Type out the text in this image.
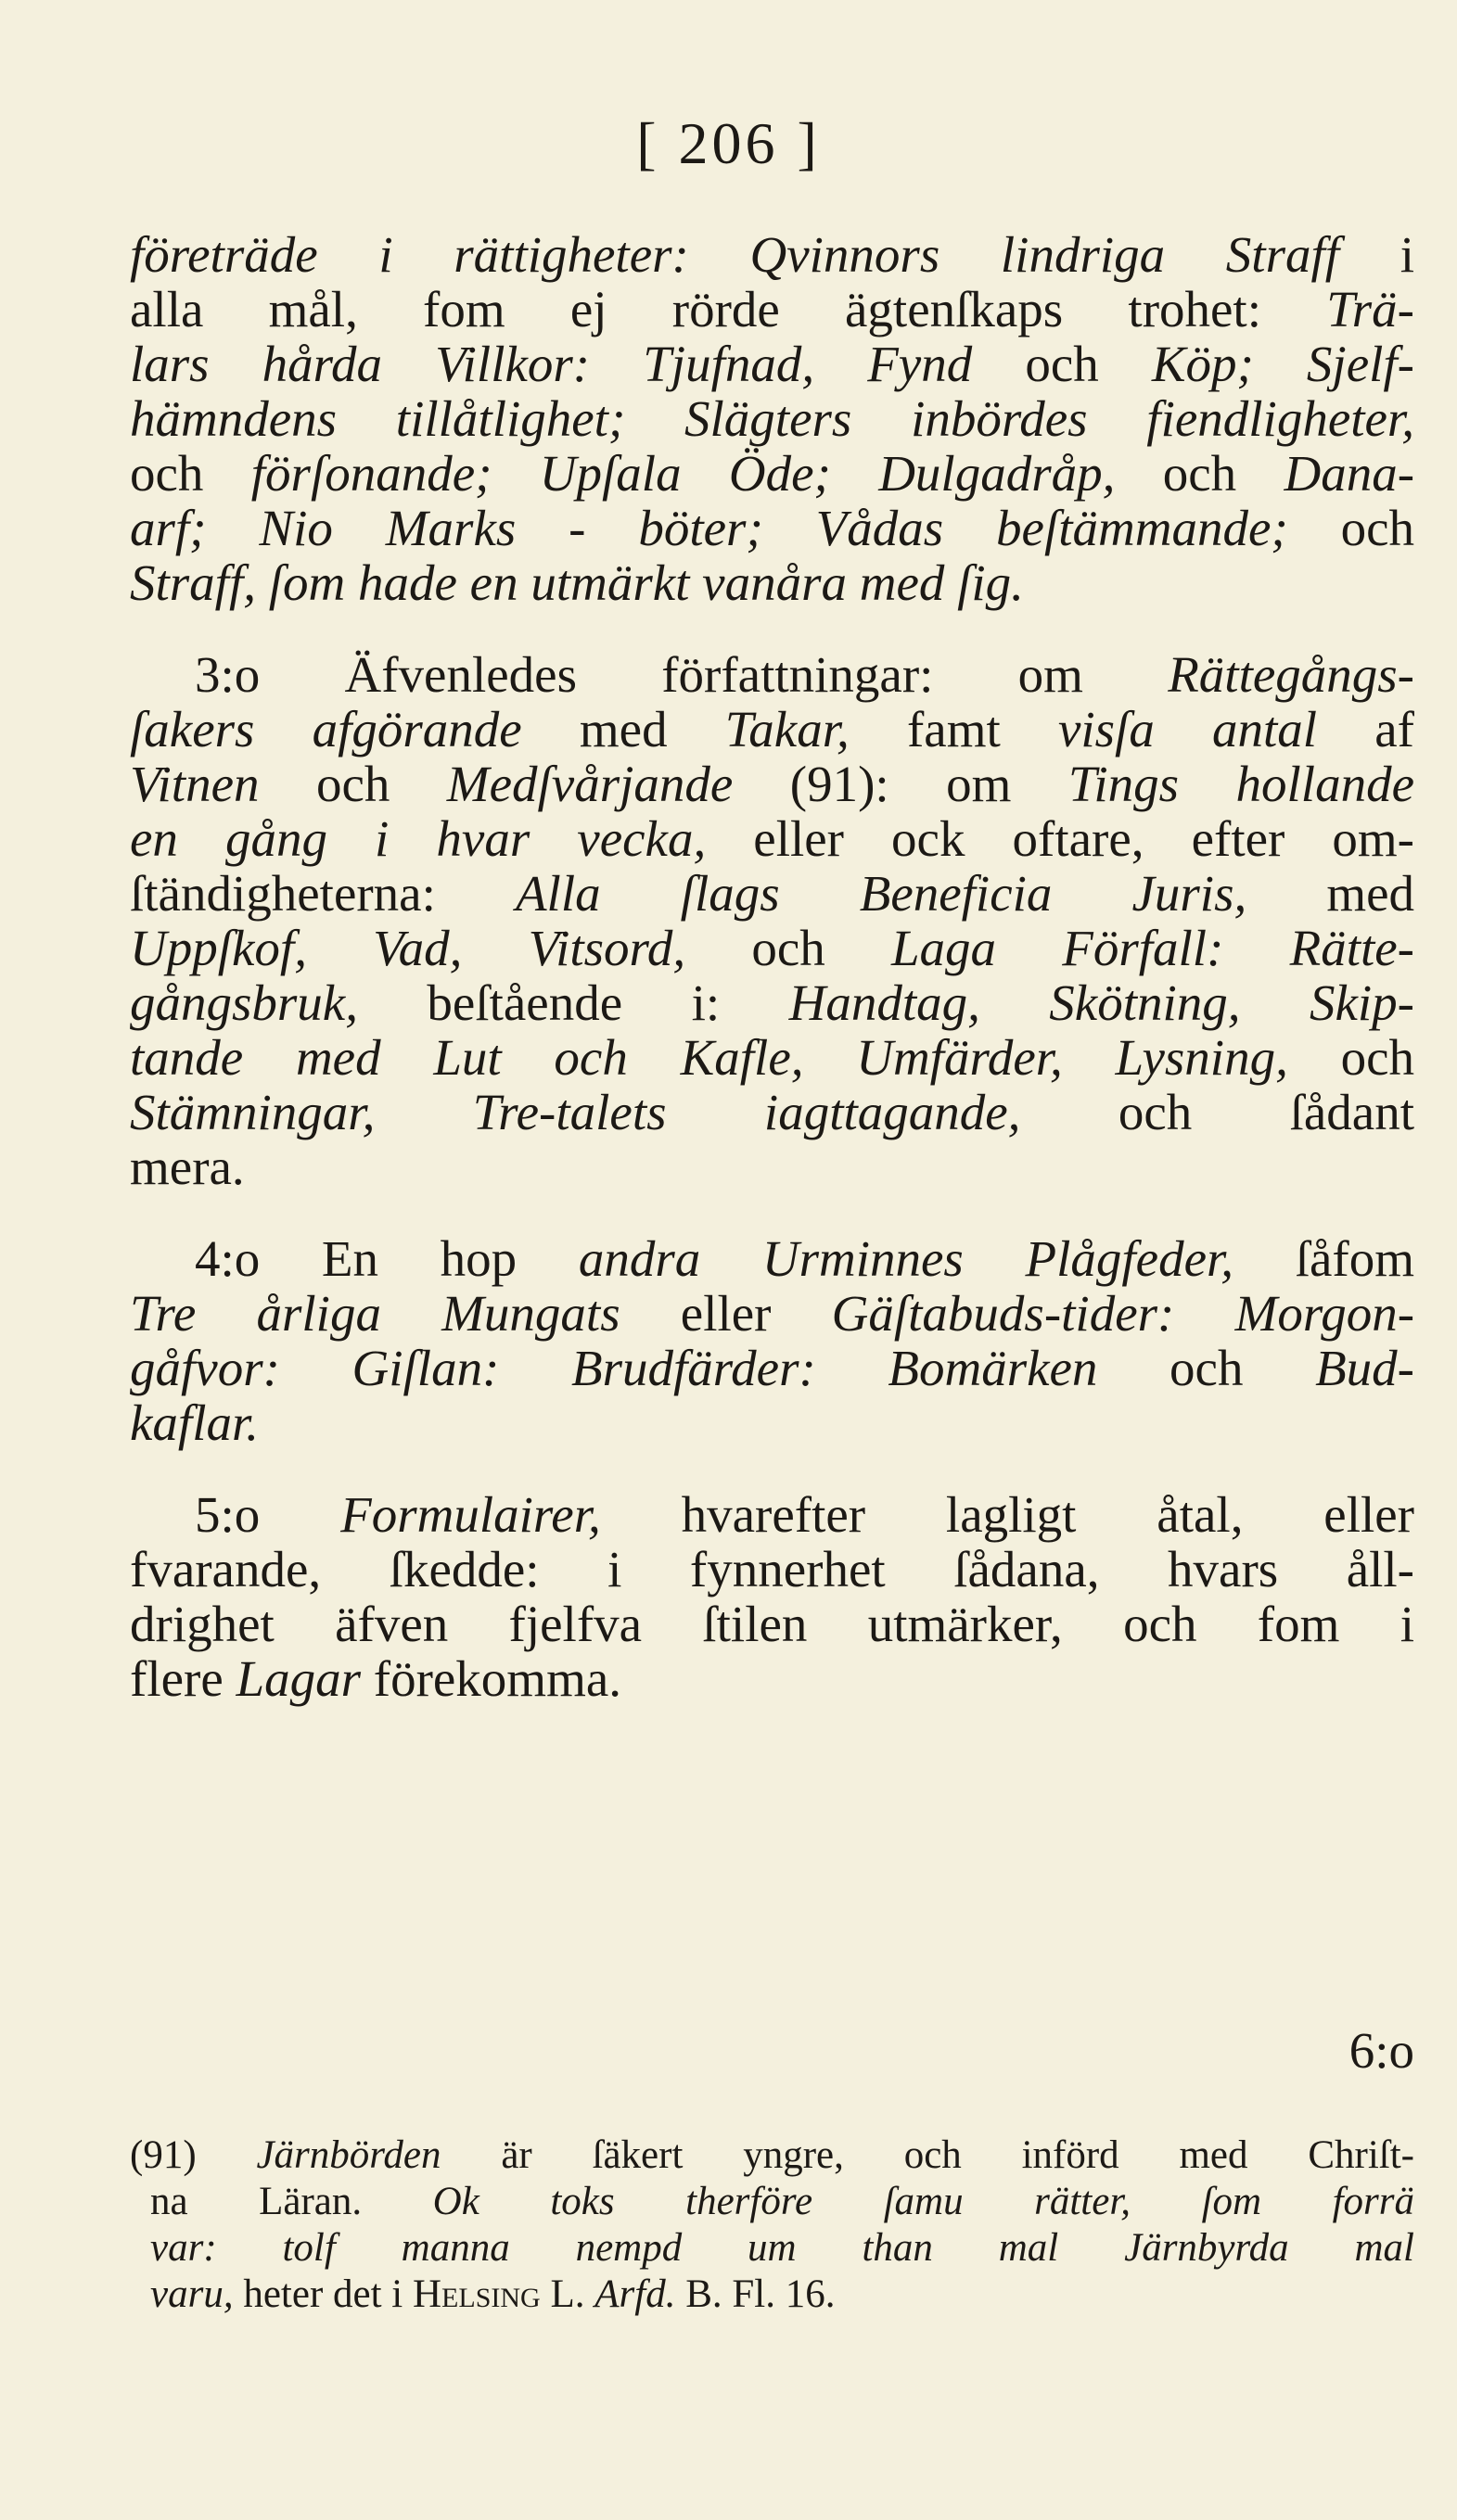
[ 206 ]
företräde i rättigheter: Qvinnors lindriga Straff i
alla mål, fom ej rörde ägtenſkaps trohet: Trä-
lars hårda Villkor: Tjufnad, Fynd och Köp; Sjelf-
hämndens tillåtlighet; Slägters inbördes fiendligheter,
och förſonande; Upſala Öde; Dulgadråp, och Dana-
arf; Nio Marks - böter; Vådas beſtämmande; och
Straff, ſom hade en utmärkt vanåra med ſig.
3:o Äfvenledes författningar: om Rättegångs-
ſakers afgörande med Takar, famt visſa antal af
Vitnen och Medſvårjande (91): om Tings hollande
en gång i hvar vecka, eller ock oftare, efter om-
ſtändigheterna: Alla ſlags Beneficia Juris, med
Uppſkof, Vad, Vitsord, och Laga Förfall: Rätte-
gångsbruk, beſtående i: Handtag, Skötning, Skip-
tande med Lut och Kafle, Umfärder, Lysning, och
Stämningar, Tre-talets iagttagande, och ſådant
mera.
4:o En hop andra Urminnes Plågfeder, ſåfom
Tre årliga Mungats eller Gäſtabuds-tider: Morgon-
gåfvor: Giſlan: Brudfärder: Bomärken och Bud-
kaflar.
5:o Formulairer, hvarefter lagligt åtal, eller
fvarande, ſkedde: i fynnerhet ſådana, hvars åll-
drighet äfven fjelfva ſtilen utmärker, och fom i
flere Lagar förekomma.
6:o
(91) Järnbörden är ſäkert yngre, och införd med Chriſt-
na Läran. Ok toks therföre ſamu rätter, ſom forrä
var: tolf manna nempd um than mal Järnbyrda mal
varu, heter det i Helsing L. Arfd. B. Fl. 16.
